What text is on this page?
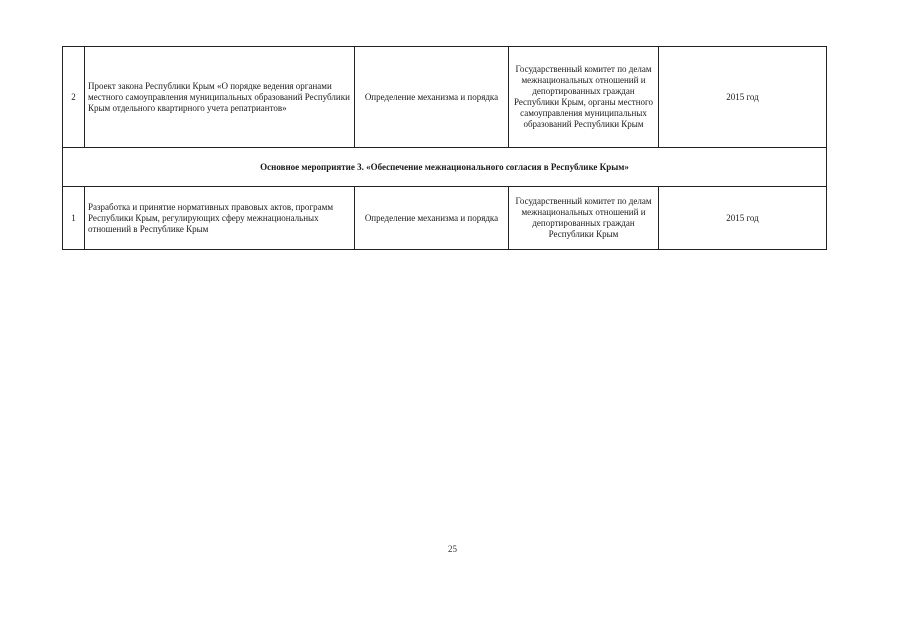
2	Проект закона Республики Крым «О порядке ведения органами местного самоуправления муниципальных образований Республики Крым отдельного квартирного учета репатриантов»	Определение механизма и порядка	Государственный комитет по делам межнациональных отношений и депортированных граждан Республики Крым, органы местного самоуправления муниципальных образований Республики Крым	2015 год
Основное мероприятие 3. «Обеспечение межнационального согласия в Республике Крым»				
1	Разработка и принятие нормативных правовых актов, программ Республики Крым, регулирующих сферу межнациональных отношений в Республике Крым	Определение механизма и порядка	Государственный комитет по делам межнациональных отношений и депортированных граждан Республики Крым	2015 год
25
